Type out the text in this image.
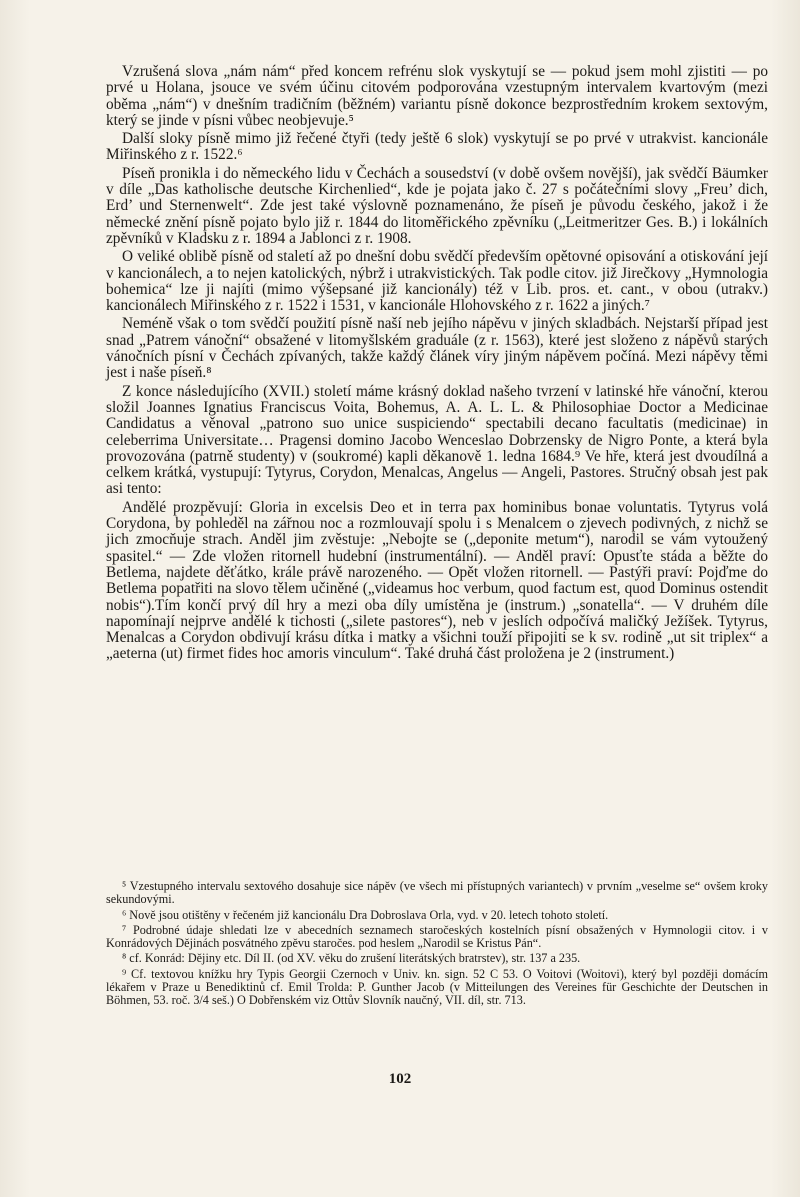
Vzrušená slova „nám nám“ před koncem refrénu slok vyskytují se — pokud jsem mohl zjistiti — po prvé u Holana, jsouce ve svém účinu citovém podporována vzestupným intervalem kvartovým (mezi oběma „nám“) v dnešním tradičním (běžném) variantu písně dokonce bezprostředním krokem sextovým, který se jinde v písni vůbec neobjevuje.⁵

Další sloky písně mimo již řečené čtyři (tedy ještě 6 slok) vyskytují se po prvé v utrakvist. kancionále Miřinského z r. 1522.⁶

Píseň pronikla i do německého lidu v Čechách a sousedství (v době ovšem novější), jak svědčí Bäumker v díle „Das katholische deutsche Kirchenlied“, kde je pojata jako č. 27 s počátečními slovy „Freu’ dich, Erd’ und Sternenwelt“. Zde jest také výslovně poznamenáno, že píseň je původu českého, jakož i že německé znění písně pojato bylo již r. 1844 do litoměřického zpěvníku („Leitmeritzer Ges. B.) i lokálních zpěvníků v Kladsku z r. 1894 a Jablonci z r. 1908.

O veliké oblibě písně od staletí až po dnešní dobu svědčí především opětovné opisování a otiskování její v kancionálech, a to nejen katolických, nýbrž i utrakvistických. Tak podle citov. již Jirečkovy „Hymnologia bohemica“ lze ji najíti (mimo výšepsané již kancionály) též v Lib. pros. et. cant., v obou (utrakv.) kancionálech Miřinského z r. 1522 i 1531, v kancionále Hlohovského z r. 1622 a jiných.⁷

Neméně však o tom svědčí použití písně naší neb jejího nápěvu v jiných skladbách. Nejstarší případ jest snad „Patrem vánoční“ obsažené v litomyšlském graduále (z r. 1563), které jest složeno z nápěvů starých vánočních písní v Čechách zpívaných, takže každý článek víry jiným nápěvem počíná. Mezi nápěvy těmi jest i naše píseň.⁸

Z konce následujícího (XVII.) století máme krásný doklad našeho tvrzení v latinské hře vánoční, kterou složil Joannes Ignatius Franciscus Voita, Bohemus, A. A. L. L. & Philosophiae Doctor a Medicinae Candidatus a věnoval „patrono suo unice suspiciendo“ spectabili decano facultatis (medicinae) in celeberrima Universitate… Pragensi domino Jacobo Wenceslao Dobrzensky de Nigro Ponte, a která byla provozována (patrně studenty) v (soukromé) kapli děkanově 1. ledna 1684.⁹ Ve hře, která jest dvoudílná a celkem krátká, vystupují: Tytyrus, Corydon, Menalcas, Angelus — Angeli, Pastores. Stručný obsah jest pak asi tento:

Andělé prozpěvují: Gloria in excelsis Deo et in terra pax hominibus bonae voluntatis. Tytyrus volá Corydona, by pohleděl na zářnou noc a rozmlouvají spolu i s Menalcem o zjevech podivných, z nichž se jich zmocňuje strach. Anděl jim zvěstuje: „Nebojte se („deponite metum“), narodil se vám vytoužený spasitel.“ — Zde vložen ritornell hudební (instrumentální). — Anděl praví: Opusťte stáda a běžte do Betlema, najdete děťátko, krále právě narozeného. — Opět vložen ritornell. — Pastýři praví: Pojďme do Betlema popatřiti na slovo tělem učiněné („videamus hoc verbum, quod factum est, quod Dominus ostendit nobis“).Tím končí prvý díl hry a mezi oba díly umístěna je (instrum.) „sonatella“. — V druhém díle napomínají nejprve andělé k tichosti („silete pastores“), neb v jeslích odpočívá maličký Ježíšek. Tytyrus, Menalcas a Corydon obdivují krásu dítka i matky a všichni touží připojiti se k sv. rodině „ut sit triplex“ a „aeterna (ut) firmet fides hoc amoris vinculum“. Také druhá část proložena je 2 (instrument.)

⁵ Vzestupného intervalu sextového dosahuje sice nápěv (ve všech mi přístupných variantech) v prvním „veselme se“ ovšem kroky sekundovými.

⁶ Nově jsou otištěny v řečeném již kancionálu Dra Dobroslava Orla, vyd. v 20. letech tohoto století.

⁷ Podrobné údaje shledati lze v abecedních seznamech staročeských kostelních písní obsažených v Hymnologii citov. i v Konrádových Dějinách posvátného zpěvu staročes. pod heslem „Narodil se Kristus Pán“.

⁸ cf. Konrád: Dějiny etc. Díl II. (od XV. věku do zrušení literátských bratrstev), str. 137 a 235.

⁹ Cf. textovou knížku hry Typis Georgii Czernoch v Univ. kn. sign. 52 C 53. O Voitovi (Woitovi), který byl později domácím lékařem v Praze u Benediktinů cf. Emil Trolda: P. Gunther Jacob (v Mitteilungen des Vereines für Geschichte der Deutschen in Böhmen, 53. roč. 3/4 seš.) O Dobřenském viz Ottův Slovník naučný, VII. díl, str. 713.

102
